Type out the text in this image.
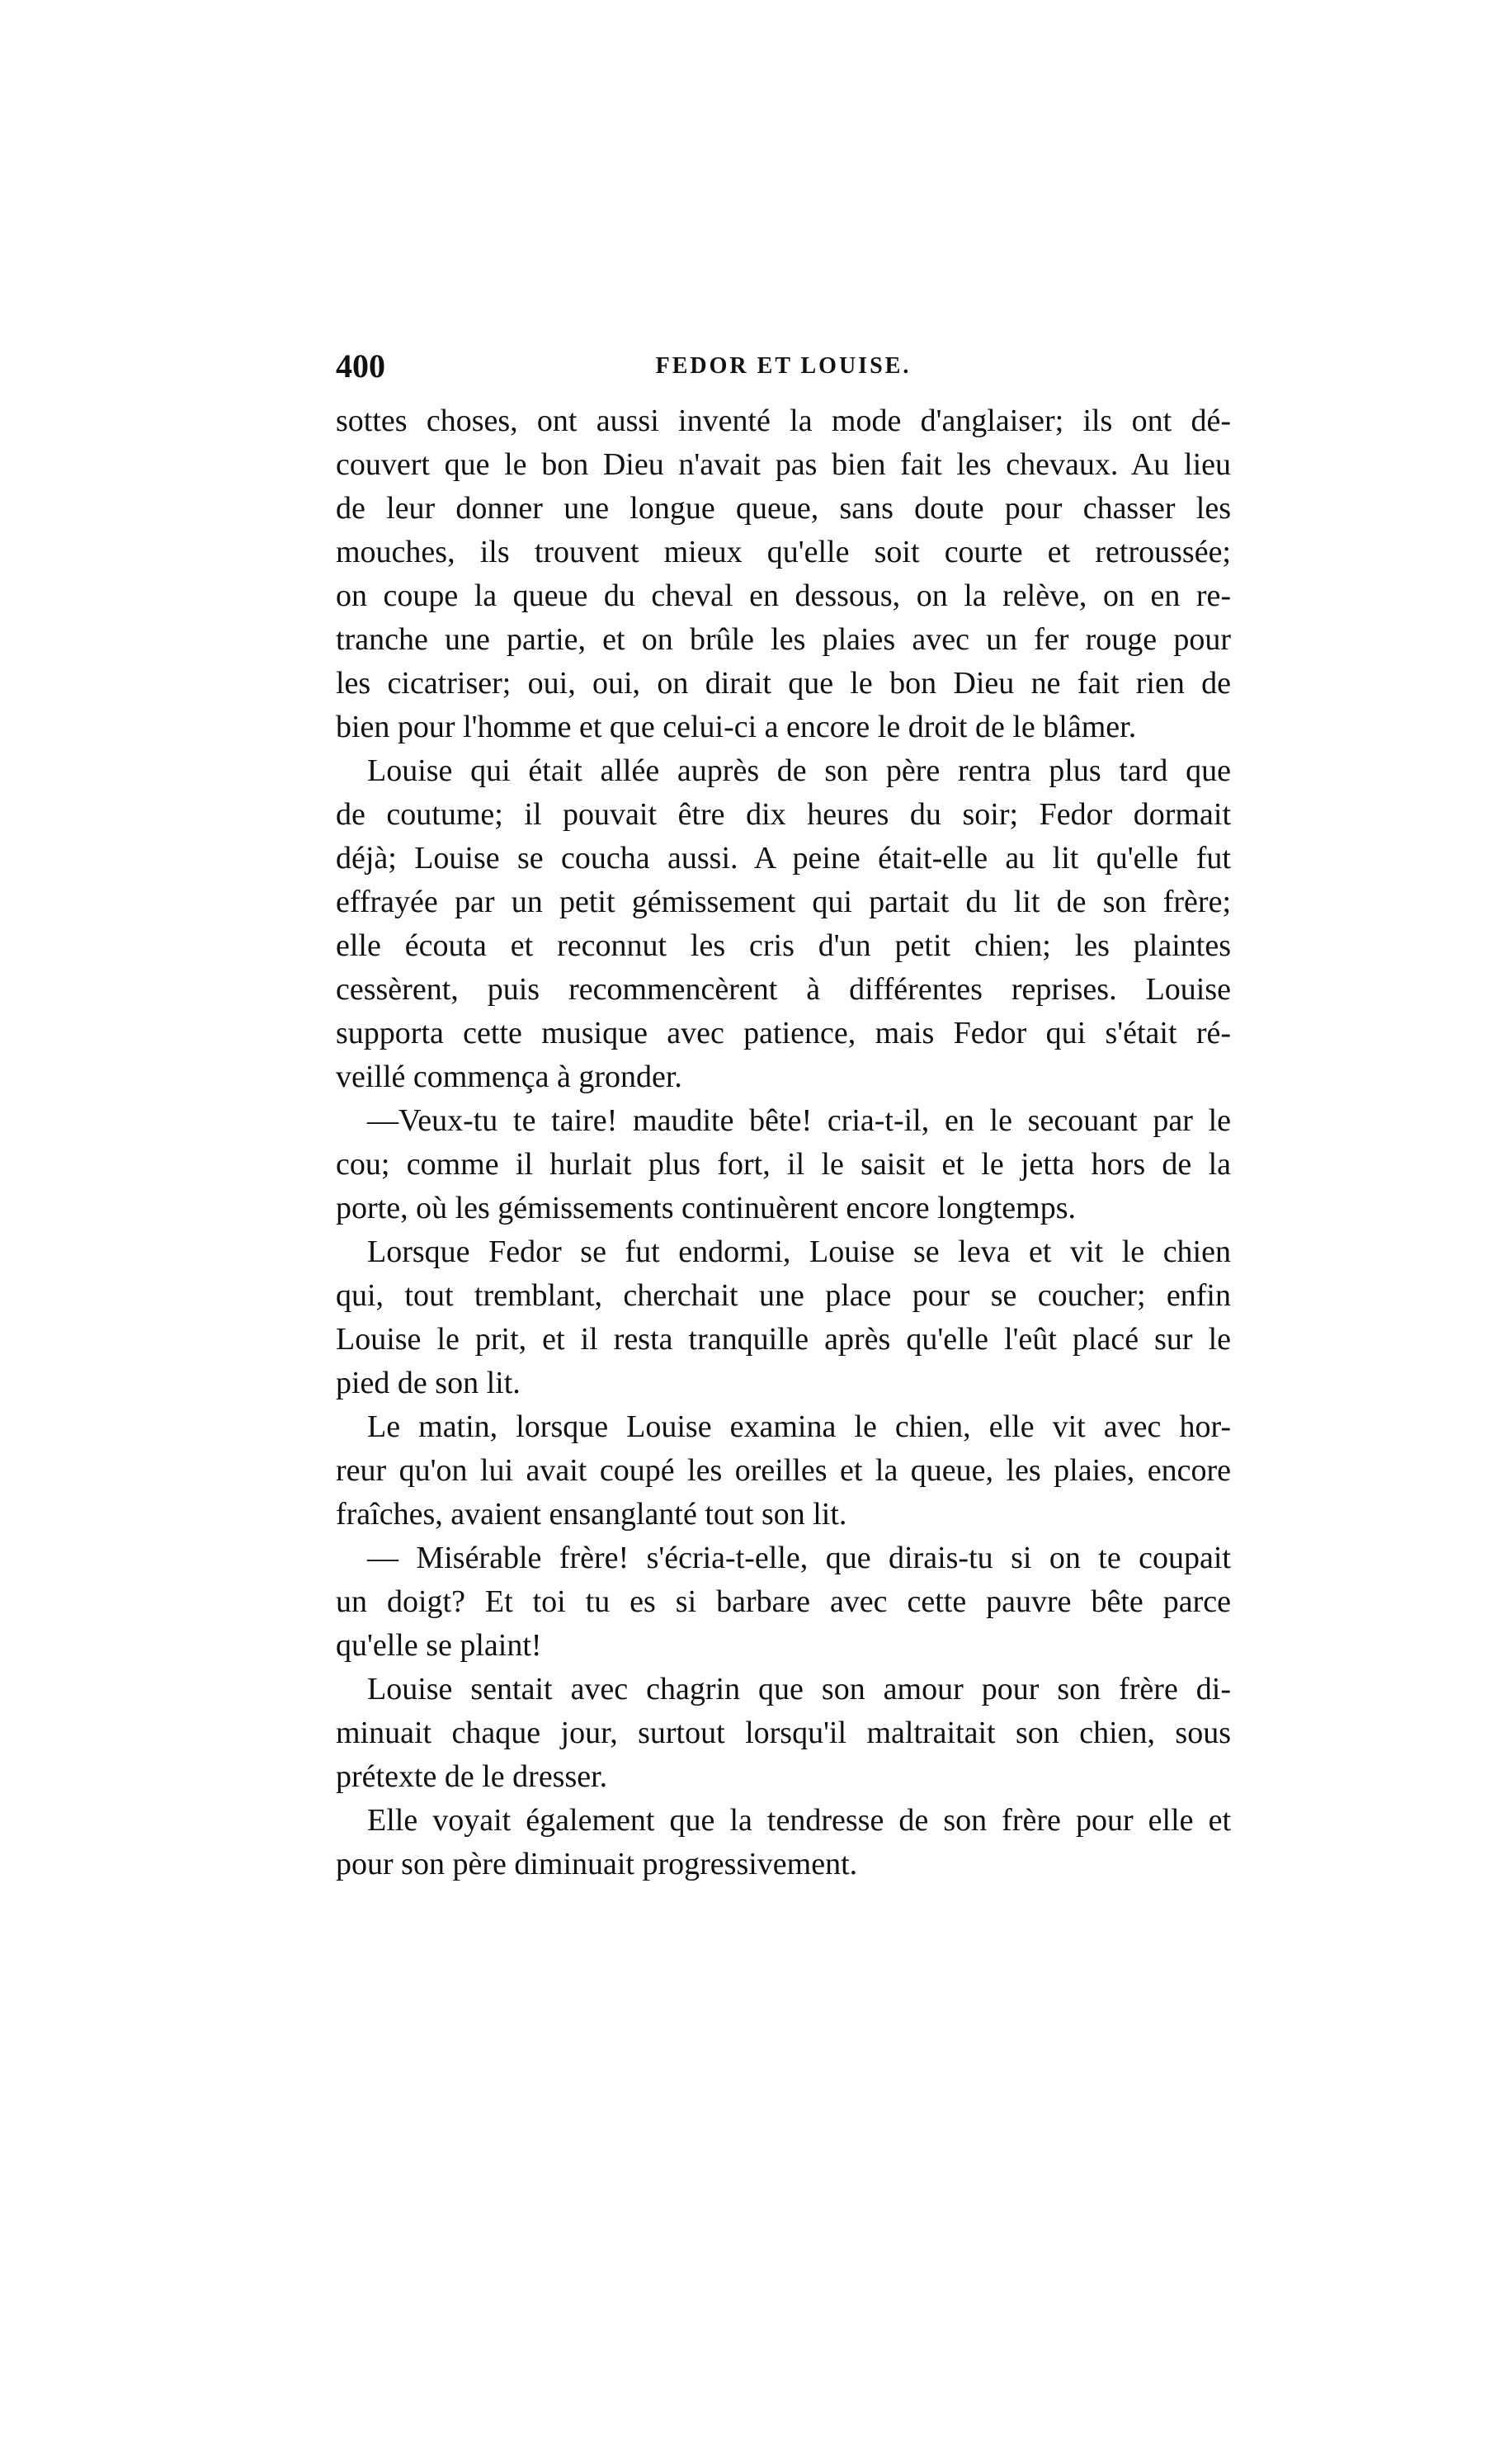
400	FEDOR ET LOUISE.
sottes choses, ont aussi inventé la mode d'anglaiser; ils ont dé-
couvert que le bon Dieu n'avait pas bien fait les chevaux. Au lieu
de leur donner une longue queue, sans doute pour chasser les
mouches, ils trouvent mieux qu'elle soit courte et retroussée;
on coupe la queue du cheval en dessous, on la relève, on en re-
tranche une partie, et on brûle les plaies avec un fer rouge pour
les cicatriser; oui, oui, on dirait que le bon Dieu ne fait rien de
bien pour l'homme et que celui-ci a encore le droit de le blâmer.
Louise qui était allée auprès de son père rentra plus tard que
de coutume; il pouvait être dix heures du soir; Fedor dormait
déjà; Louise se coucha aussi. A peine était-elle au lit qu'elle fut
effrayée par un petit gémissement qui partait du lit de son frère;
elle écouta et reconnut les cris d'un petit chien; les plaintes
cessèrent, puis recommencèrent à différentes reprises. Louise
supporta cette musique avec patience, mais Fedor qui s'était ré-
veillé commença à gronder.
—Veux-tu te taire! maudite bête! cria-t-il, en le secouant par le
cou; comme il hurlait plus fort, il le saisit et le jetta hors de la
porte, où les gémissements continuèrent encore longtemps.
Lorsque Fedor se fut endormi, Louise se leva et vit le chien
qui, tout tremblant, cherchait une place pour se coucher; enfin
Louise le prit, et il resta tranquille après qu'elle l'eût placé sur le
pied de son lit.
Le matin, lorsque Louise examina le chien, elle vit avec hor-
reur qu'on lui avait coupé les oreilles et la queue, les plaies, encore
fraîches, avaient ensanglanté tout son lit.
— Misérable frère! s'écria-t-elle, que dirais-tu si on te coupait
un doigt? Et toi tu es si barbare avec cette pauvre bête parce
qu'elle se plaint!
Louise sentait avec chagrin que son amour pour son frère di-
minuait chaque jour, surtout lorsqu'il maltraitait son chien, sous
prétexte de le dresser.
Elle voyait également que la tendresse de son frère pour elle et
pour son père diminuait progressivement.
